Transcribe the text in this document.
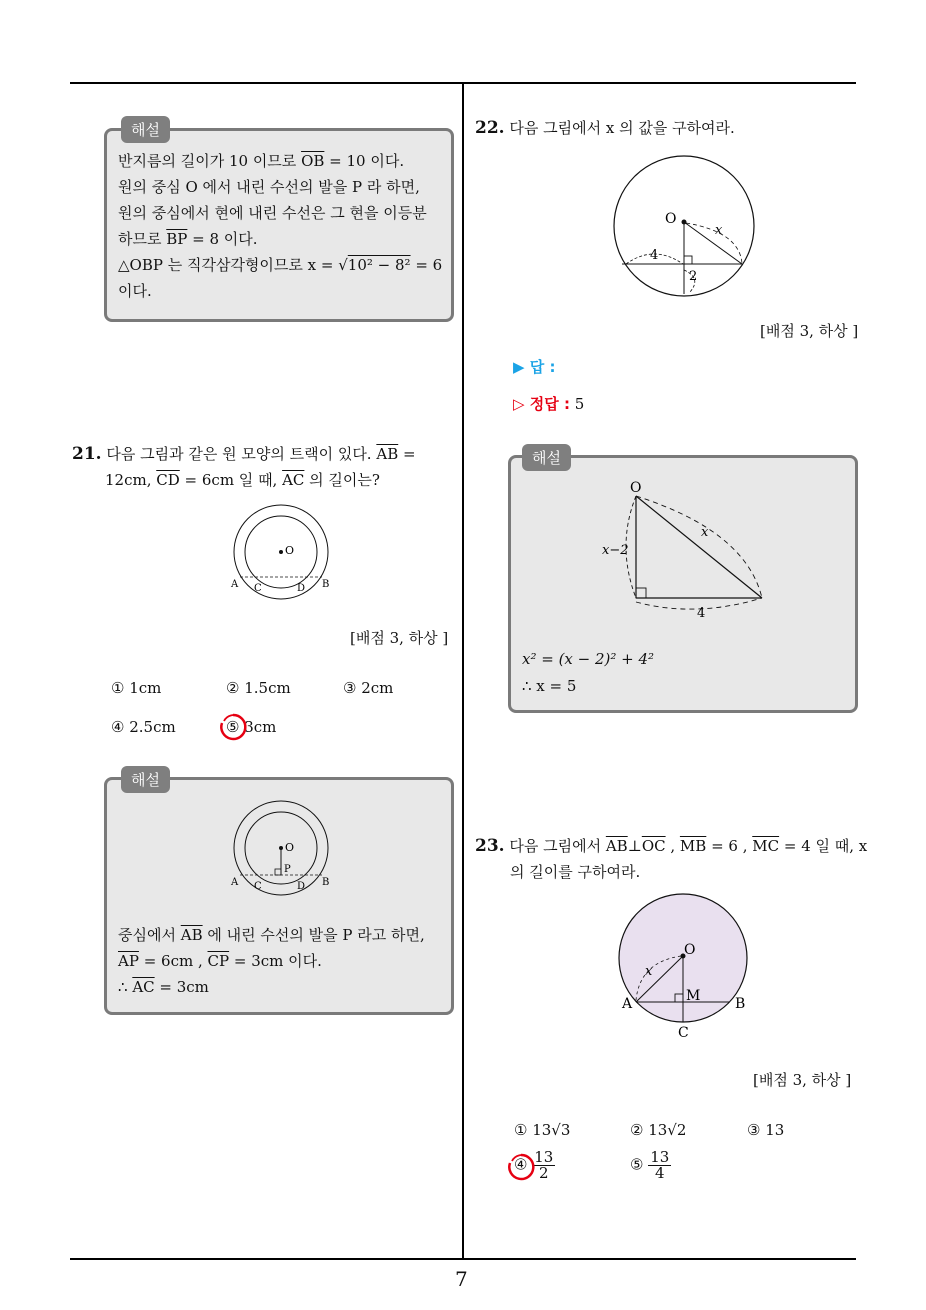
7
해설
반지름의 길이가 10 이므로 $\overline{OB} = 10$ 이다.
원의 중심 O 에서 내린 수선의 발을 P 라 하면,
원의 중심에서 현에 내린 수선은 그 현을 이등분
하므로 $\overline{BP} = 8$ 이다.
△OBP 는 직각삼각형이므로 x = √10² − 8² = 6
이다.
21. 다음 그림과 같은 원 모양의 트랙이 있다. $\overline{AB}$ =
12cm, $\overline{CD} = 6cm$ 일 때, $\overline{AC}$ 의 길이는?
O
A C	D B
[배점 3, 하상 ]
① 1cm	② 1.5cm	③ 2cm
④ 2.5cm	⑤ 3cm
해설
O
P
A C	D B
중심에서 $\overline{AB}$ 에 내린 수선의 발을 P 라고 하면,
$\overline{AP} = 6cm$ , $\overline{CP} = 3cm$ 이다.
∴ $\overline{AC} = 3cm$
22. 다음 그림에서 x 의 값을 구하여라.
O
x
4
2
[배점 3, 하상 ]
▶ 답 :
▷ 정답 : 5
해설
O
x
x−2
4
x² = (x − 2)² + 4²
∴ x = 5
23. 다음 그림에서 $\overline{AB}\perp\overline{OC}$ , $\overline{MB} = 6$ , $\overline{MC} = 4$ 일 때, x
의 길이를 구하여라.
O
x
A	B
M
C
[배점 3, 하상 ]
① 13√3	② 13√2	③ 13
④ $\frac{13}{2}$	⑤ $\frac{13}{4}$
